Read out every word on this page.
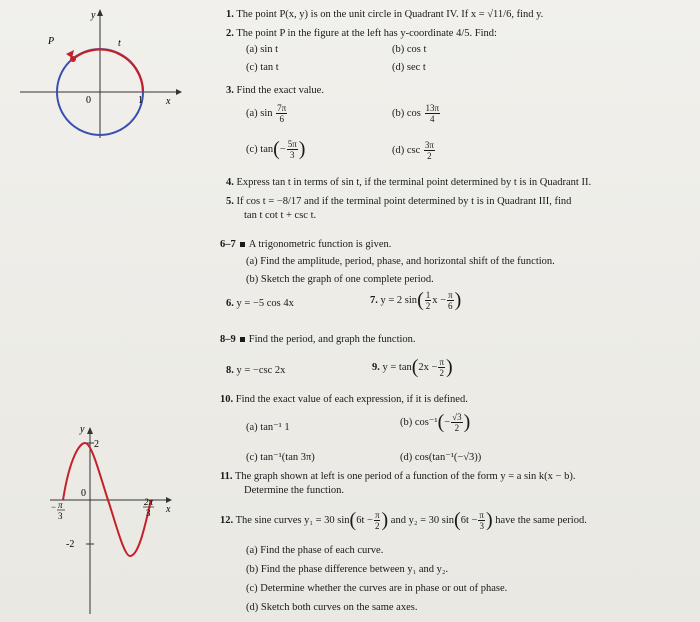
y
x
P	t
0	1
y
x
2
-2
0
− π
3
2π
3
1. The point P(x, y) is on the unit circle in Quadrant IV. If x = √11/6, find y.
2. The point P in the figure at the left has y-coordinate 4/5. Find:
(a) sin t	(b) cos t
(c) tan t	(d) sec t
3. Find the exact value.
(a) $\sin \frac{7\pi}{6}$	(b) $\cos \frac{13\pi}{4}$
(c) $\tan(- \frac{5\pi}{3}$ )	(d) $\csc \frac{3\pi}{2}$
4. Express tan t in terms of sin t, if the terminal point determined by t is in Quadrant II.
5. If cos t = −8/17 and if the terminal point determined by t is in Quadrant III, find
tan t cot t + csc t.
6–7 A trigonometric function is given.
(a) Find the amplitude, period, phase, and horizontal shift of the function.
(b) Sketch the graph of one complete period.
6. y = −5 cos 4x	7. y = 2 $\sin( \frac{1}{2}$ $x - \frac{\pi}{6}$ )
8–9 Find the period, and graph the function.
8. y = −csc 2x	9. $y = \tan(2x - \frac{\pi}{2}$ )
10. Find the exact value of each expression, if it is defined.
(a) tan⁻¹ 1	(b) $\cos^{-1}(- \frac{√3}{2}$ )
(c) tan⁻¹(tan 3π)	(d) cos(tan⁻¹(−√3))
11. The graph shown at left is one period of a function of the form y = a sin k(x − b).
Determine the function.
12. The sine curves y₁ = 30 $\sin(6t - \frac{\pi}{2}$ ) and y₂ = 30 $\sin(6t - \frac{\pi}{3}$ ) have the same period.
(a) Find the phase of each curve.
(b) Find the phase difference between y₁ and y₂.
(c) Determine whether the curves are in phase or out of phase.
(d) Sketch both curves on the same axes.
